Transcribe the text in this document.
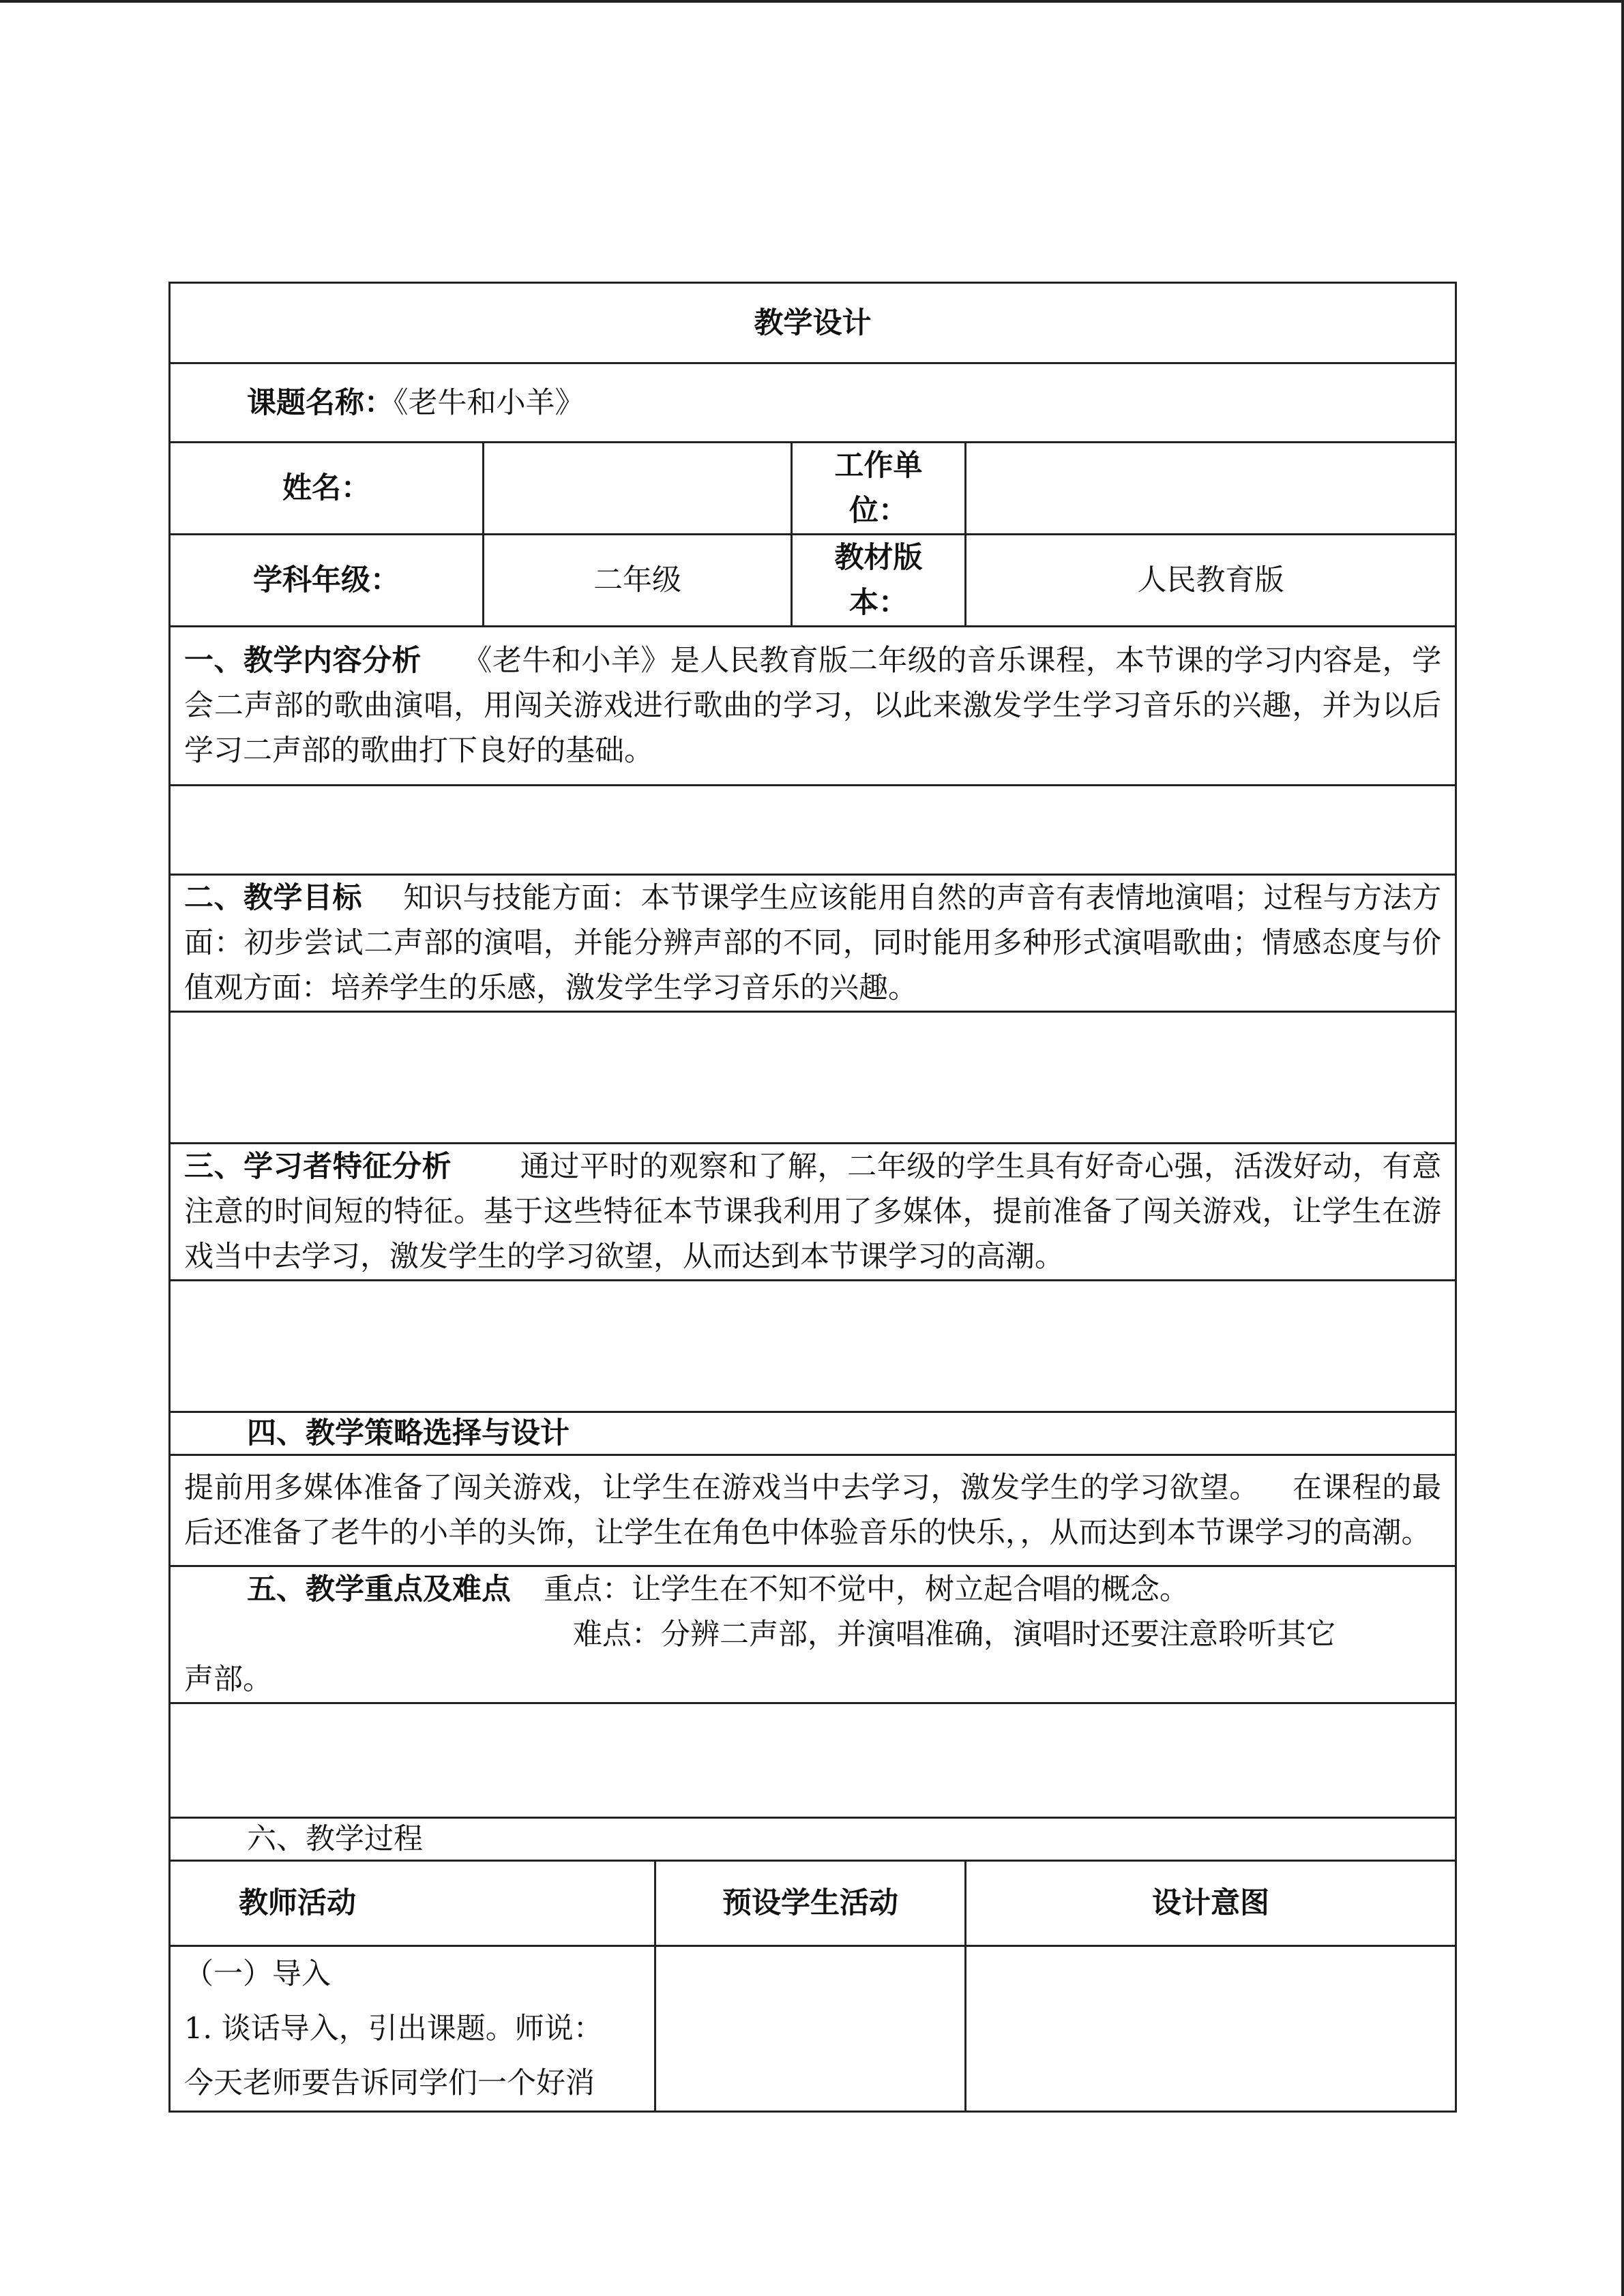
教学设计				
课题名称：《老牛和小羊》				
姓名：			工作单位：	
学科年级：	二年级		教材版本：	人民教育版
一、教学内容分析 《老牛和小羊》是人民教育版二年级的音乐课程，本节课的学习内容是，学会二声部的歌曲演唱，用闯关游戏进行歌曲的学习，以此来激发学生学习音乐的兴趣，并为以后学习二声部的歌曲打下良好的基础。				

二、教学目标 知识与技能方面：本节课学生应该能用自然的声音有表情地演唱；过程与方法方面：初步尝试二声部的演唱，并能分辨声部的不同，同时能用多种形式演唱歌曲；情感态度与价值观方面：培养学生的乐感，激发学生学习音乐的兴趣。				

三、学习者特征分析 通过平时的观察和了解，二年级的学生具有好奇心强，活泼好动，有意注意的时间短的特征。基于这些特征本节课我利用了多媒体，提前准备了闯关游戏，让学生在游戏当中去学习，激发学生的学习欲望，从而达到本节课学习的高潮。				

四、教学策略选择与设计				
提前用多媒体准备了闯关游戏，让学生在游戏当中去学习，激发学生的学习欲望。 在课程的最后还准备了老牛的小羊的头饰，让学生在角色中体验音乐的快乐，，从而达到本节课学习的高潮。				
五、教学重点及难点 重点：让学生在不知不觉中，树立起合唱的概念。
难点：分辨二声部，并演唱准确，演唱时还要注意聆听其它
声部。				

六、教学过程				
教师活动		预设学生活动		设计意图

（一）导入
1. 谈话导入，引出课题。师说：
今天老师要告诉同学们一个好消				
